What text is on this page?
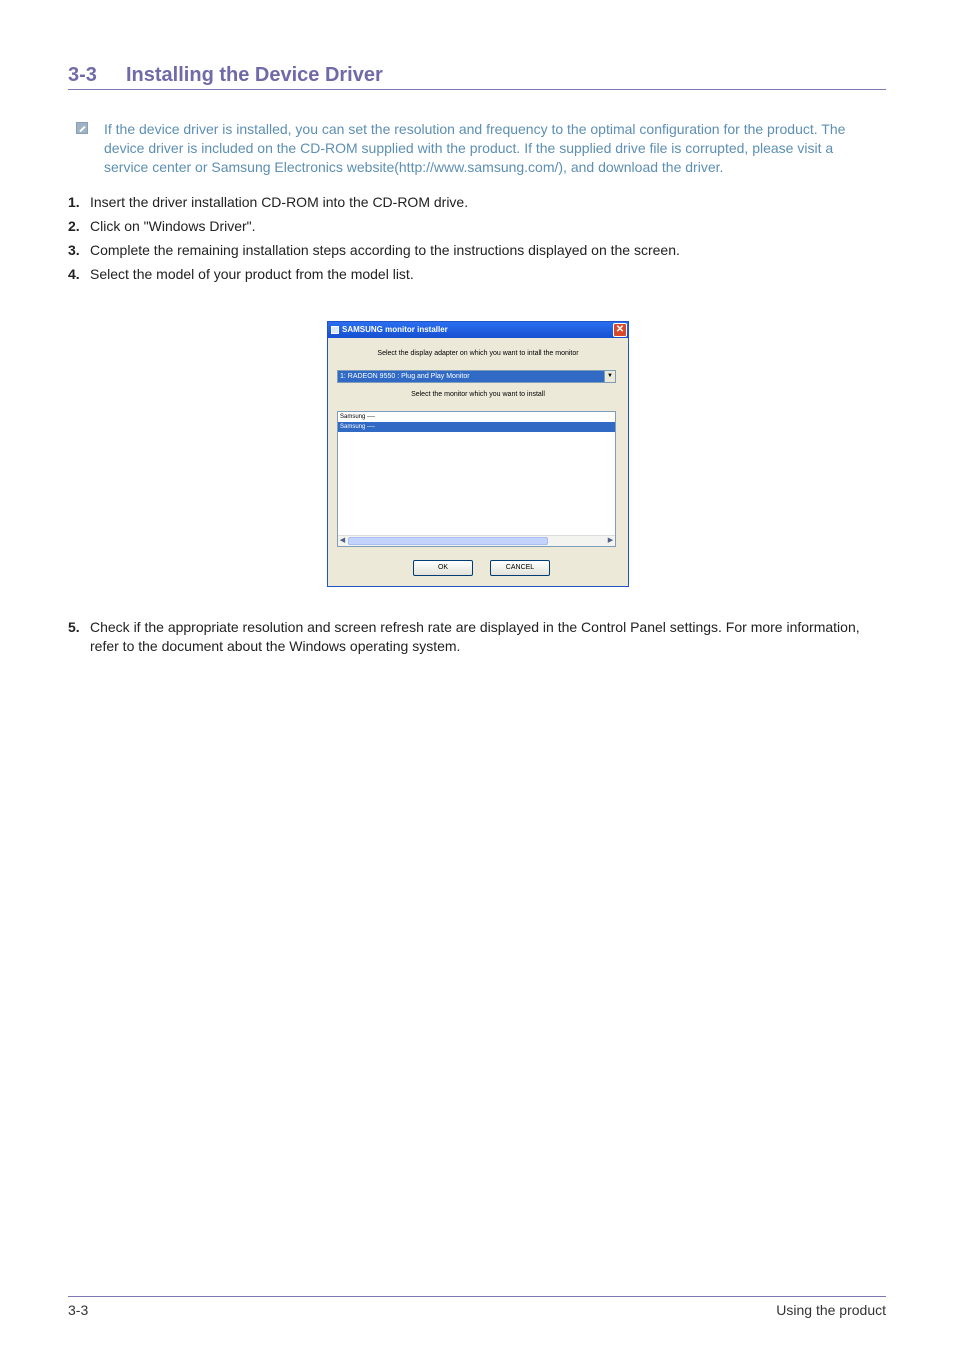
3-3 Installing the Device Driver
If the device driver is installed, you can set the resolution and frequency to the optimal configuration for the product. The device driver is included on the CD-ROM supplied with the product. If the supplied drive file is corrupted, please visit a service center or Samsung Electronics website(http://www.samsung.com/), and download the driver.
1. Insert the driver installation CD-ROM into the CD-ROM drive.
2. Click on "Windows Driver".
3. Complete the remaining installation steps according to the instructions displayed on the screen.
4. Select the model of your product from the model list.
SAMSUNG monitor installer	✕
Select the display adapter on which you want to intall the monitor
1: RADEON 9550 : Plug and Play Monitor	▼
Select the monitor which you want to install
Samsung ----
Samsung ----
◀	▶
OK	CANCEL
5. Check if the appropriate resolution and screen refresh rate are displayed in the Control Panel settings. For more information, refer to the document about the Windows operating system.
3-3	Using the product
